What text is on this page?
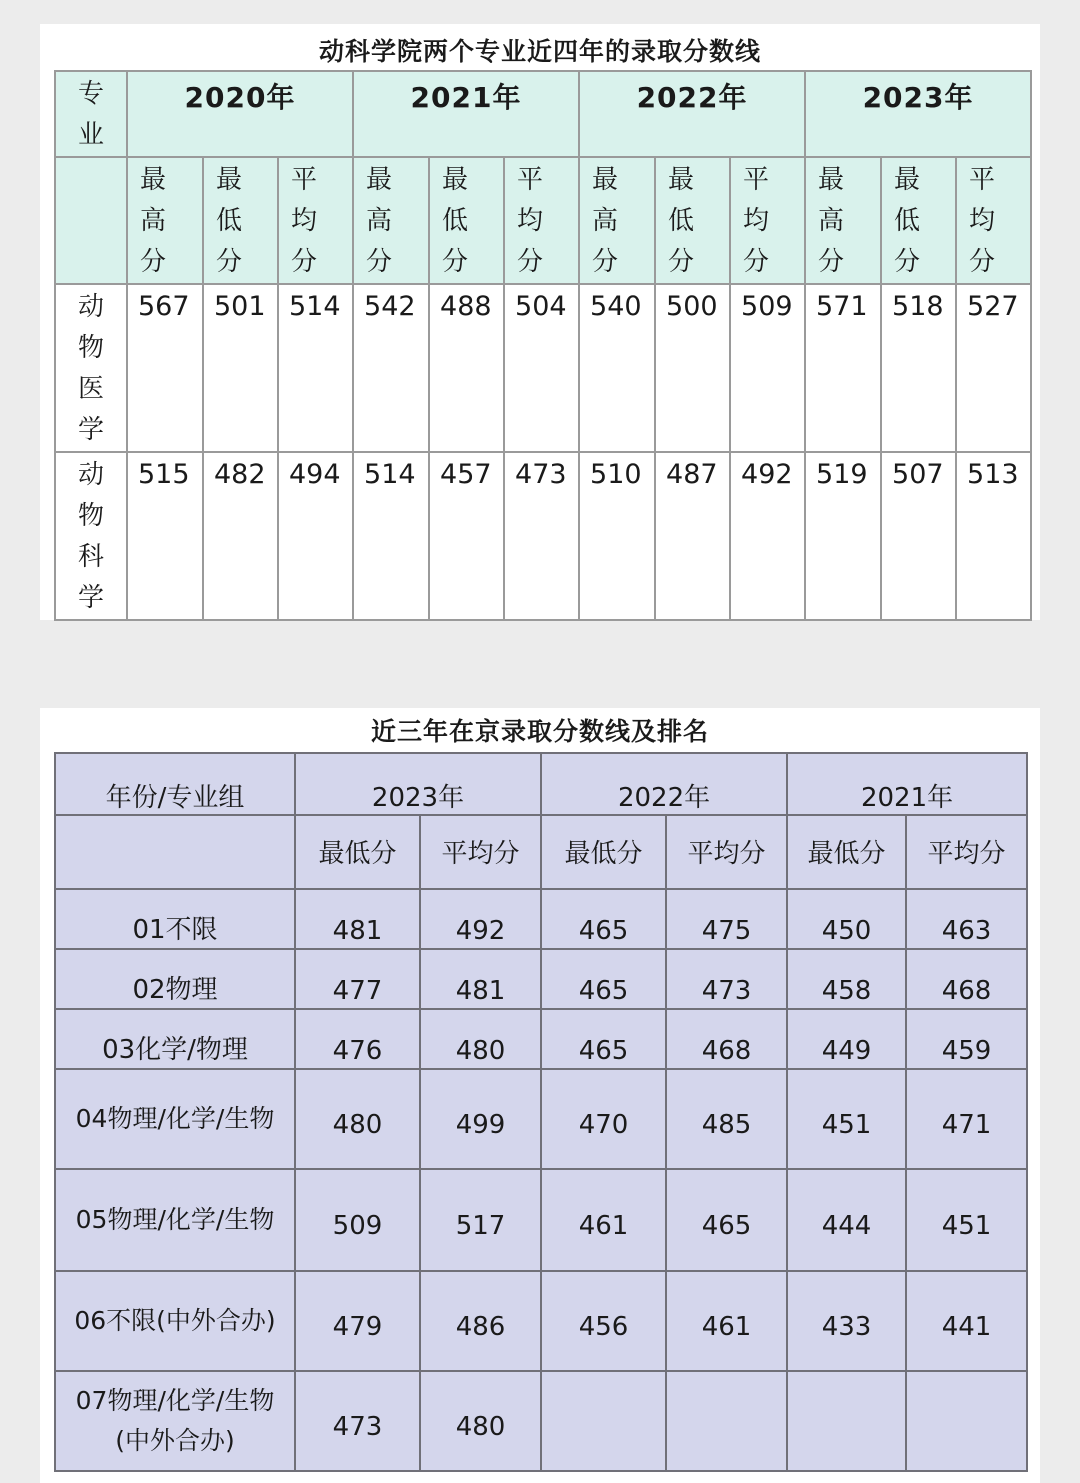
动科学院两个专业近四年的录取分数线
专业	2020年			2021年			2022年			2023年		

	最高分	最低分	平均分	最高分	最低分	平均分	最高分	最低分	平均分	最高分	最低分	平均分

动物医学	567	501	514	542	488	504	540	500	509	571	518	527

动物科学	515	482	494	514	457	473	510	487	492	519	507	513
近三年在京录取分数线及排名
年份/专业组	2023年		2022年		2021年	
	最低分	平均分	最低分	平均分	最低分	平均分
01不限	481	492	465	475	450	463
02物理	477	481	465	473	458	468
03化学/物理	476	480	465	468	449	459
04物理/化学/生物	480	499	470	485	451	471
05物理/化学/生物	509	517	461	465	444	451
06不限(中外合办)	479	486	456	461	433	441
07物理/化学/生物(中外合办)	473	480				
